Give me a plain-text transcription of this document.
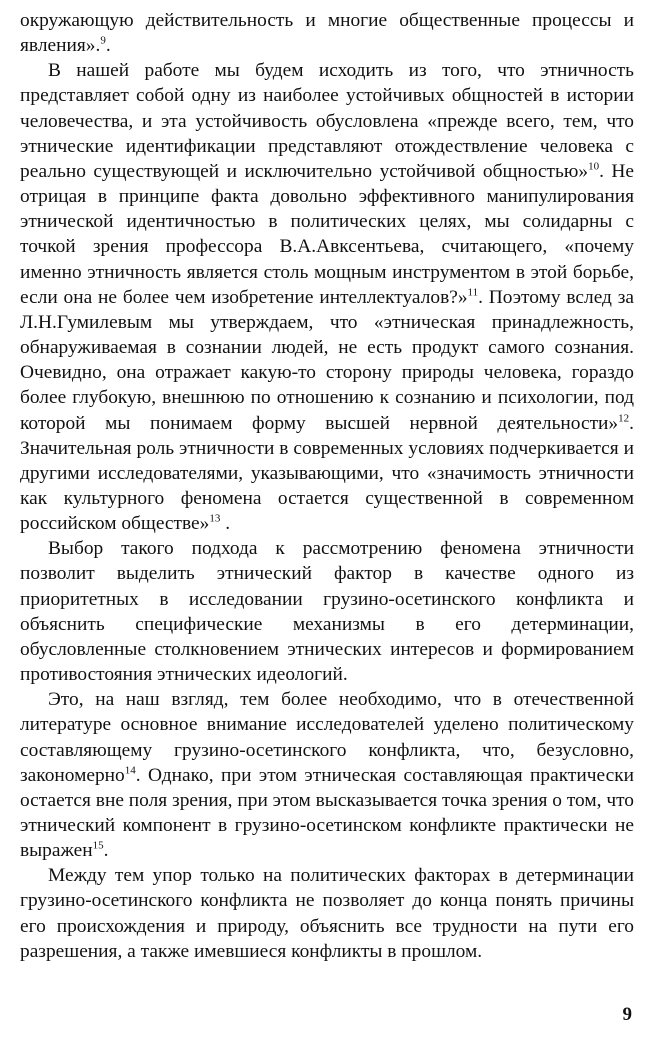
окружающую действительность и многие общественные процессы и явления».$^9$.

В нашей работе мы будем исходить из того, что этничность представляет собой одну из наиболее устойчивых общностей в истории человечества, и эта устойчивость обусловлена «прежде всего, тем, что этнические идентификации представляют отождествление человека с реально существующей и исключительно устойчивой общностью»$^{10}$. Не отрицая в принципе факта довольно эффективного манипулирования этнической идентичностью в политических целях, мы солидарны с точкой зрения профессора В.А.Авксентьева, считающего, «почему именно этничность является столь мощным инструментом в этой борьбе, если она не более чем изобретение интеллектуалов?»$^{11}$. Поэтому вслед за Л.Н.Гумилевым мы утверждаем, что «этническая принадлежность, обнаруживаемая в сознании людей, не есть продукт самого сознания. Очевидно, она отражает какую-то сторону природы человека, гораздо более глубокую, внешнюю по отношению к сознанию и психологии, под которой мы понимаем форму высшей нервной деятельности»$^{12}$. Значительная роль этничности в современных условиях подчеркивается и другими исследователями, указывающими, что «значимость этничности как культурного феномена остается существенной в современном российском обществе»$^{13}$ .

Выбор такого подхода к рассмотрению феномена этничности позволит выделить этнический фактор в качестве одного из приоритетных в исследовании грузино-осетинского конфликта и объяснить специфические механизмы в его детерминации, обусловленные столкновением этнических интересов и формированием противостояния этнических идеологий.

Это, на наш взгляд, тем более необходимо, что в отечественной литературе основное внимание исследователей уделено политическому составляющему грузино-осетинского конфликта, что, безусловно, закономерно$^{14}$. Однако, при этом этническая составляющая практически остается вне поля зрения, при этом высказывается точка зрения о том, что этнический компонент в грузино-осетинском конфликте практически не выражен$^{15}$.

Между тем упор только на политических факторах в детерминации грузино-осетинского конфликта не позволяет до конца понять причины его происхождения и природу, объяснить все трудности на пути его разрешения, а также имевшиеся конфликты в прошлом.

9
